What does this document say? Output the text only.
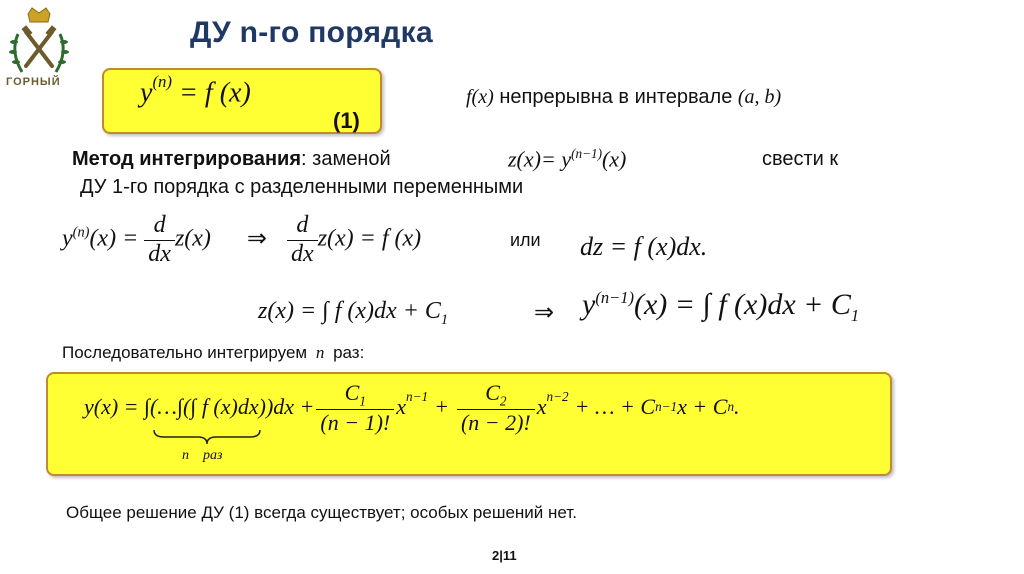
ГОРНЫЙ
ДУ n-го порядка
$y^{(n)} = f$ (x)
(1)
f(x) непрерывна в интервале (a, b)
Метод интегрирования: заменой	$z(x)= y^{(n-1)}(x)$	свести к
ДУ 1-го порядка с разделенными переменными
$y^{(n)}(x) = \frac{d}{dx} z(x)$ ⇒ $\frac{d}{dx} z(x) = f$ (x)	или dz = f (x)dx.
z(x) = ∫ f $(x)dx + C_1$	⇒ $y^{(n-1)}(x)$ = ∫ f $(x)dx + C_1$
Последовательно интегрируем n раз:
y(x) = ∫(…∫(∫ f $(x)dx))dx + \frac{C_1}{(n - 1)!} x^{n-1} + \frac{C_2}{(n - 2)!} x^{n-2}$ + … + C n−1 x + C n .
n раз
Общее решение ДУ (1) всегда существует; особых решений нет.
2|11
